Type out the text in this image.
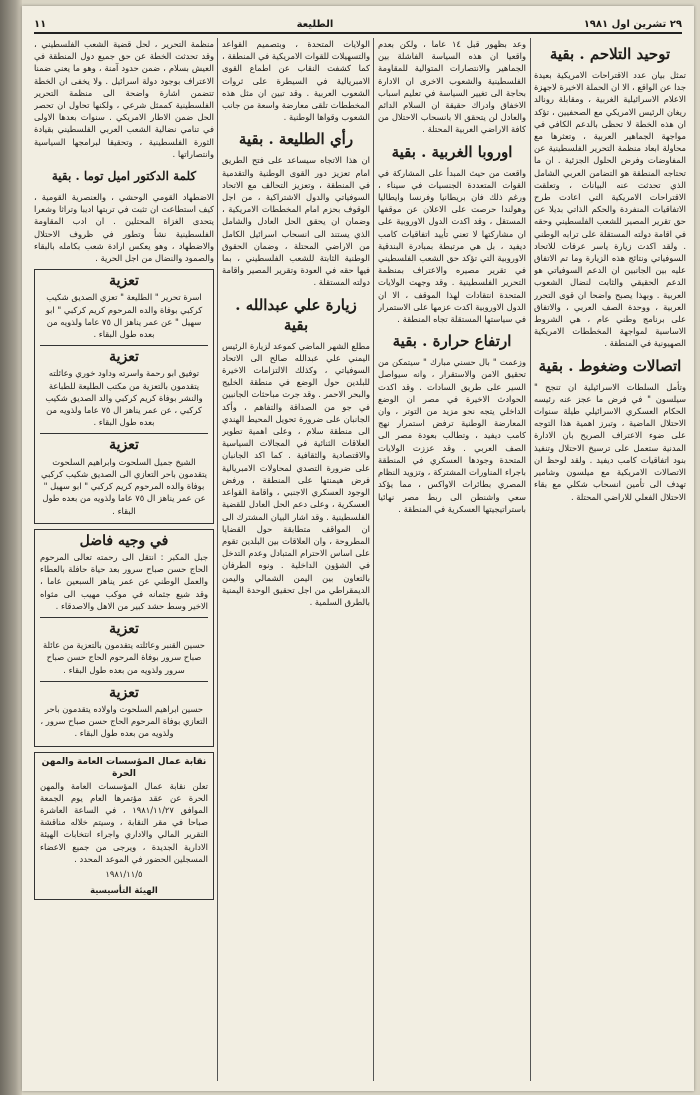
٢٩ تشرين اول ١٩٨١
الطليعة
١١
توحيد التلاحم . بقية

تمثل بيان عدد الاقتراحات الامريكية بعيدة جدا عن الواقع ، الا ان الحملة الاخيرة لاجهزة الاعلام الاسرائيلية الغربية ، ومقابلة رونالد ريغان الرئيس الامريكي مع الصحفيين ، تؤكد ان هذه الخطة لا تحظى بالدعم الكافي في مواجهة الجماهير العربية ، وتعثرها مع محاولة ابعاد منظمة التحرير الفلسطينية عن المفاوضات وفرض الحلول الجزئية . ان ما تحتاجه المنطقة هو التضامن العربي الشامل الذي تحدثت عنه البيانات ، وتعلقت الاقتراحات الامريكية التي اعادت طرح الاتفاقيات المنفردة والحكم الذاتي بديلا عن حق تقرير المصير للشعب الفلسطيني وحقه في اقامة دولته المستقلة على ترابه الوطني . ولقد اكدت زيارة ياسر عرفات للاتحاد السوفياتي ونتائج هذه الزيارة وما تم الاتفاق عليه بين الجانبين ان الدعم السوفياتي هو الدعم الحقيقي والثابت لنضال الشعوب العربية . وبهذا يصبح واضحا ان قوى التحرر العربية ، ووحدة الصف العربي ، والاتفاق على برنامج وطني عام ، هي الشروط الاساسية لمواجهة المخططات الامريكية الصهيونية في المنطقة .

اتصالات وضغوط . بقية

وتأمل السلطات الاسرائيلية ان تنجح " سيلسون " في فرض ما عجز عنه رئيسه الحكام العسكري الاسرائيلي طيلة سنوات الاحتلال الماضية ، وتبرز اهمية هذا التوجه على ضوء الاعتراف الصريح بان الادارة المدنية ستعمل على ترسيخ الاحتلال وتنفيذ بنود اتفاقيات كامب ديفيد . ولقد لوحظ ان الاتصالات الامريكية مع ميلسون وشامير تهدف الى تأمين انسحاب شكلي مع بقاء الاحتلال الفعلي للاراضي المحتلة .

وعد بظهور قبل ١٤ عاما ، ولكن بعدم واقعيا ان هذه السياسة الفاشلة بين الجماهير والانتصارات المتوالية للمقاومة الفلسطينية والشعوب الاخرى ان الادارة بحاجة الى تغيير السياسة في تعليم اسباب الاخفاق وادراك حقيقة ان السلام الدائم والعادل لن يتحقق الا بانسحاب الاحتلال من كافة الاراضي العربية المحتلة .

اوروبا الغربية . بقية

واقعت من حيث المبدأ على المشاركة في القوات المتعددة الجنسيات في سيناء ، ورغم ذلك فان بريطانيا وفرنسا وايطاليا وهولندا حرصت على الاعلان عن موقفها المستقل ، وقد اكدت الدول الاوروبية على ان مشاركتها لا تعني تأييد اتفاقيات كامب ديفيد ، بل هي مرتبطة بمبادرة البندقية الاوروبية التي تؤكد حق الشعب الفلسطيني في تقرير مصيره والاعتراف بمنظمة التحرير الفلسطينية . وقد وجهت الولايات المتحدة انتقادات لهذا الموقف ، الا ان الدول الاوروبية اكدت عزمها على الاستمرار في سياستها المستقلة تجاه المنطقة .

ارتفاع حرارة . بقية

وزعمت " بال حسني مبارك " سيتمكن من تحقيق الامن والاستقرار ، وانه سيواصل السير على طريق السادات . وقد اكدت الحوادث الاخيرة في مصر ان الوضع الداخلي يتجه نحو مزيد من التوتر ، وان المعارضة الوطنية ترفض استمرار نهج كامب ديفيد ، وتطالب بعودة مصر الى الصف العربي . وقد عززت الولايات المتحدة وجودها العسكري في المنطقة باجراء المناورات المشتركة ، وتزويد النظام المصري بطائرات الاواكس ، مما يؤكد سعي واشنطن الى ربط مصر نهائيا باستراتيجيتها العسكرية في المنطقة .

الولايات المتحدة ، وبتصميم القواعد والتسهيلات للقوات الامريكية في المنطقة ، كما كشفت النقاب عن اطماع القوى الامبريالية في السيطرة على ثروات الشعوب العربية . وقد تبين ان مثل هذه المخططات تلقى معارضة واسعة من جانب الشعوب وقواها الوطنية .

رأي الطليعة . بقية

ان هذا الاتجاه سيساعد على فتح الطريق امام تعزيز دور القوى الوطنية والتقدمية في المنطقة ، وتعزيز التحالف مع الاتحاد السوفياتي والدول الاشتراكية ، من اجل الوقوف بحزم امام المخططات الامريكية ، وضمان ان يحقق الحل العادل والشامل الذي يستند الى انسحاب اسرائيل الكامل من الاراضي المحتلة ، وضمان الحقوق الوطنية الثابتة للشعب الفلسطيني ، بما فيها حقه في العودة وتقرير المصير واقامة دولته المستقلة .

زيارة علي عبدالله . بقية

مطلع الشهر الماضي كموعد لزيارة الرئيس اليمني علي عبدالله صالح الى الاتحاد السوفياتي ، وكذلك الالتزامات الاخيرة للبلدين حول الوضع في منطقة الخليج والبحر الاحمر . وقد جرت مباحثات الجانبين في جو من الصداقة والتفاهم ، وأكد الجانبان على ضرورة تحويل المحيط الهندي الى منطقة سلام ، وعلى اهمية تطوير العلاقات الثنائية في المجالات السياسية والاقتصادية والثقافية . كما اكد الجانبان على ضرورة التصدي لمحاولات الامبريالية فرض هيمنتها على المنطقة ، ورفض الوجود العسكري الاجنبي ، واقامة القواعد العسكرية ، وعلى دعم الحل العادل للقضية الفلسطينية . وقد اشار البيان المشترك الى ان المواقف متطابقة حول القضايا المطروحة ، وان العلاقات بين البلدين تقوم على اساس الاحترام المتبادل وعدم التدخل في الشؤون الداخلية . ونوه الطرفان بالتعاون بين اليمن الشمالي واليمن الديمقراطي من اجل تحقيق الوحدة اليمنية بالطرق السلمية .

منظمة التحرير ، لحل قضية الشعب الفلسطيني ، وقد تحدثت الخطة عن حق جميع دول المنطقة في العيش بسلام ، ضمن حدود آمنة ، وهو ما يعني ضمنا الاعتراف بوجود دولة اسرائيل . ولا يخفى ان الخطة تتضمن اشارة واضحة الى منظمة التحرير الفلسطينية كممثل شرعي ، ولكنها تحاول ان تحصر الحل ضمن الاطار الامريكي . سنوات بعدها الاولى في تنامي نضالية الشعب العربي الفلسطيني بقيادة الثورة الفلسطينية ، وتحقيقا لبرامجها السياسية وانتصاراتها .

كلمة الدكتور اميل توما . بقية

الاضطهاد القومي الوحشي ، والعنصرية القومية ، كيف استطاعت ان تثبت في تربتها اديبا وتراثا وشعرا يتحدى الغزاة المحتلين . ان ادب المقاومة الفلسطينية نشأ وتطور في ظروف الاحتلال والاضطهاد ، وهو يعكس ارادة شعب بكامله بالبقاء والصمود والنضال من اجل الحرية .

تعزية

اسرة تحرير " الطليعة " تعزي الصديق شكيب كركبي بوفاة والده المرحوم كريم كركبي " ابو سهيل " عن عمر يناهز ال ٧٥ عاما ولذويه من بعده طول البقاء .

تعزية

توفيق ابو رحمة واسرته وداود خوري وعائلته يتقدمون بالتعزية من مكتب الطليعة للطباعة والنشر بوفاة كريم كركبي والد الصديق شكيب كركبي ، عن عمر يناهز ال ٧٥ عاما ولذويه من بعده طول البقاء .

تعزية

الشيخ جميل السلحوت وابراهيم السلحوت يتقدمون باحر التعازي الى الصديق شكيب كركبي بوفاة والده المرحوم كريم كركبي " ابو سهيل " عن عمر يناهز ال ٧٥ عاما ولذويه من بعده طول البقاء .

في وجيه فاضل

جبل المكبر : انتقل الى رحمته تعالى المرحوم الحاج حسن صباح سرور بعد حياة حافلة بالعطاء والعمل الوطني عن عمر يناهز السبعين عاما ، وقد شيع جثمانه في موكب مهيب الى مثواه الاخير وسط حشد كبير من الاهل والاصدقاء .

تعزية

حسين القنبر وعائلته يتقدمون بالتعزية من عائلة صباح سرور بوفاة المرحوم الحاج حسن صباح سرور ولذويه من بعده طول البقاء .

تعزية

حسين ابراهيم السلحوت واولاده يتقدمون باحر التعازي بوفاة المرحوم الحاج حسن صباح سرور ، ولذويه من بعده طول البقاء .

نقابة عمال المؤسسات العامة والمهن الحرة

تعلن نقابة عمال المؤسسات العامة والمهن الحرة عن عقد مؤتمرها العام يوم الجمعة الموافق ١٩٨١/١١/٢٧ ، في الساعة العاشرة صباحا في مقر النقابة ، وسيتم خلاله مناقشة التقرير المالي والاداري واجراء انتخابات الهيئة الادارية الجديدة ، ويرجى من جميع الاعضاء المسجلين الحضور في الموعد المحدد .

١٩٨١/١١/٥

الهيئة التأسيسية
